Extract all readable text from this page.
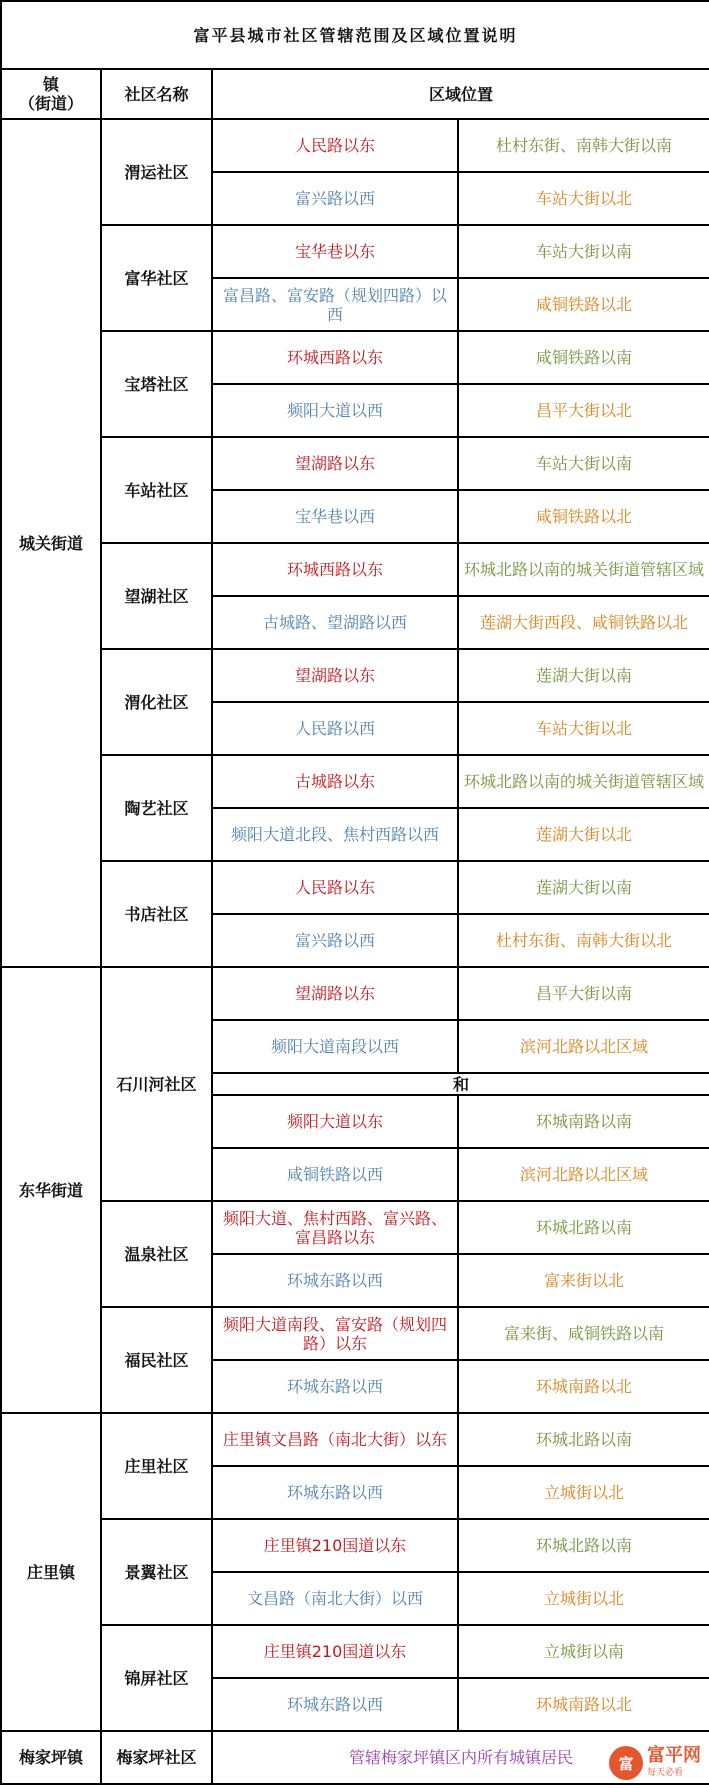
富平县城市社区管辖范围及区域位置说明			
镇
（街道）	社区名称	区域位置	
城关街道	渭运社区	人民路以东	杜村东街、南韩大街以南
		富兴路以西	车站大街以北
	富华社区	宝华巷以东	车站大街以南
		富昌路、富安路（规划四路）以西	咸铜铁路以北
	宝塔社区	环城西路以东	咸铜铁路以南
		频阳大道以西	昌平大街以北
	车站社区	望湖路以东	车站大街以南
		宝华巷以西	咸铜铁路以北
	望湖社区	环城西路以东	环城北路以南的城关街道管辖区域
		古城路、望湖路以西	莲湖大街西段、咸铜铁路以北
	渭化社区	望湖路以东	莲湖大街以南
		人民路以西	车站大街以北
	陶艺社区	古城路以东	环城北路以南的城关街道管辖区域
		频阳大道北段、焦村西路以西	莲湖大街以北
	书店社区	人民路以东	莲湖大街以南
		富兴路以西	杜村东街、南韩大街以北
东华街道	石川河社区	望湖路以东	昌平大街以南
		频阳大道南段以西	滨河北路以北区域
		和	
		频阳大道以东	环城南路以南
		咸铜铁路以西	滨河北路以北区域
	温泉社区	频阳大道、焦村西路、富兴路、富昌路以东	环城北路以南
		环城东路以西	富来街以北
	福民社区	频阳大道南段、富安路（规划四路）以东	富来街、咸铜铁路以南
		环城东路以西	环城南路以北
庄里镇	庄里社区	庄里镇文昌路（南北大街）以东	环城北路以南
		环城东路以西	立城街以北
	景翼社区	庄里镇210国道以东	环城北路以南
		文昌路（南北大街）以西	立城街以北
	锦屏社区	庄里镇210国道以东	立城街以南
		环城东路以西	环城南路以北
梅家坪镇	梅家坪社区	管辖梅家坪镇区内所有城镇居民		富 富平网
每天必看
